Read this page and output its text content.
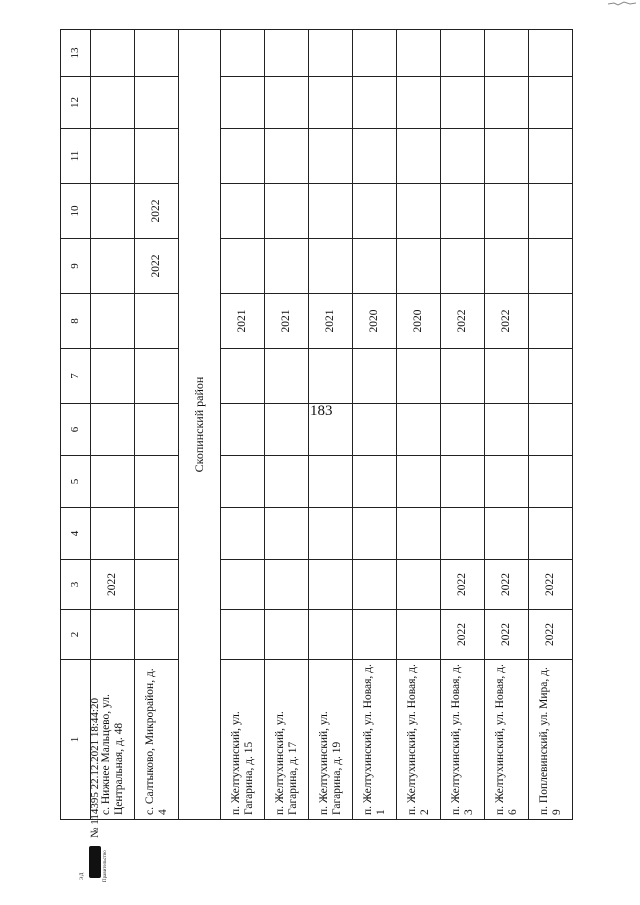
183
1	2	3	4	5	6	7	8	9	10	11	12	13
с. Нижнее Мальцево, ул. Центральная, д. 48		2022										
с. Салтыково, Микрорайон, д. 4								2022	2022			
Скопинский район												
п. Желтухинский, ул. Гагарина, д. 15							2021					
п. Желтухинский, ул. Гагарина, д. 17							2021					
п. Желтухинский, ул. Гагарина, д. 19							2021					
п. Желтухинский, ул. Новая, д. 1							2020					
п. Желтухинский, ул. Новая, д. 2							2020					
п. Желтухинский, ул. Новая, д. 3	2022	2022					2022					
п. Желтухинский, ул. Новая, д. 6	2022	2022					2022					
п. Поплевинский, ул. Мира, д. 9	2022	2022										
ЭД	Правительство
№ 114395 22.12.2021 18:44:20
